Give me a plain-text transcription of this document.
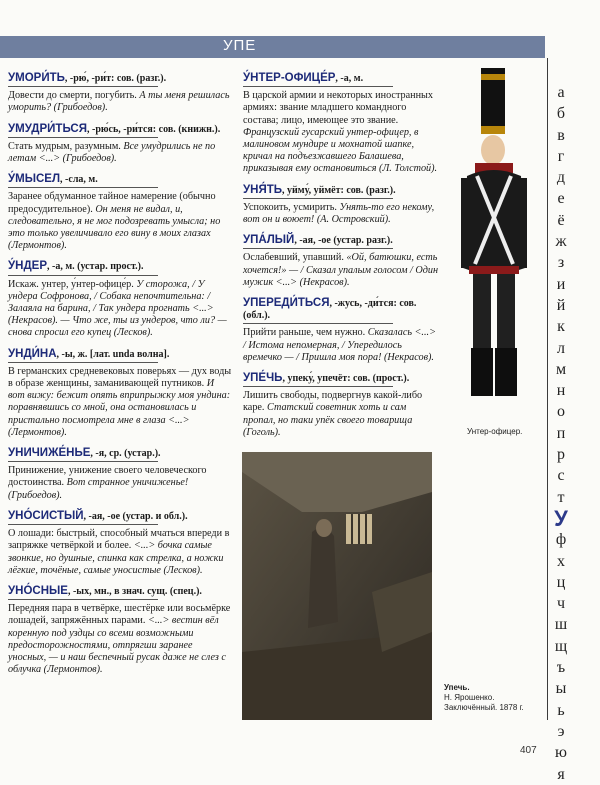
УПЕ
УМОРИ́ТЬ, -рю́, -ри́т: сов. (разг.).
Довести до смерти, погубить. А ты меня решилась уморить? (Грибоедов).
УМУДРИ́ТЬСЯ, -рю́сь, -ри́тся: сов. (книжн.).
Стать мудрым, разумным. Все умудрились не по летам <...> (Грибоедов).
У́МЫСЕЛ, -сла, м.
Заранее обдуманное тайное намерение (обычно предосудительное). Он меня не видал, и, следовательно, я не мог подозревать умысла; но это только увеличивало его вину в моих глазах (Лермонтов).
У́НДЕР, -а, м. (устар. прост.).
Искаж. унтер, у́нтер-офице́р. У сторожа, / У ундера Софронова, / Собака непочтительна: / Залаяла на барина, / Так ундера прогнать <...> (Некрасов). — Что же, ты из ундеров, что ли? — снова спросил его купец (Лесков).
УНДИ́НА, -ы, ж. [лат. unda волна].
В германских средневековых поверьях — дух воды в образе женщины, заманивающей путников. И вот вижу: бежит опять вприпрыжку моя ундина: поравнявшись со мной, она остановилась и пристально посмотрела мне в глаза <...> (Лермонтов).
УНИЧИЖЕ́НЬЕ, -я, ср. (устар.).
Принижение, унижение своего человеческого достоинства. Вот странное уничиженье! (Грибоедов).
УНО́СИСТЫЙ, -ая, -ое (устар. и обл.).
О лошади: быстрый, способный мчаться впереди в запряжке четвёркой и более. <...> бочка самые звонкие, но душные, спинка как стрелка, а ножки лёгкие, точёные, самые уносистые (Лесков).
УНО́СНЫЕ, -ых, мн., в знач. сущ. (спец.).
Передняя пара в четвёрке, шестёрке или восьмёрке лошадей, запряжённых парами. <...> вестин вёл коренную под уздцы со всеми возможными предосторожностями, отпрягши заранее уносных, — и наш беспечный русак даже не слез с облучка (Лермонтов).
У́НТЕР-ОФИЦЕ́Р, -а, м.
В царской армии и некоторых иностранных армиях: звание младшего командного состава; лицо, имеющее это звание. Французский гусарский унтер-офицер, в малиновом мундире и мохнатой шапке, кричал на подъезжавшего Балашева, приказывая ему остановиться (Л. Толстой).
УНЯ́ТЬ, уйму́, уймёт: сов. (разг.).
Успокоить, усмирить. Унять-то его некому, вот он и воюет! (А. Островский).
УПА́ЛЫЙ, -ая, -ое (устар. разг.).
Ослабевший, упавший. «Ой, батюшки, есть хочется!» — / Сказал упалым голосом / Один мужик <...> (Некрасов).
УПЕРЕДИ́ТЬСЯ, -жусь, -ди́тся: сов. (обл.).
Прийти раньше, чем нужно. Сказалась <...> / Истома непомерная, / Упередилось времечко — / Пришла моя пора! (Некрасов).
УПЕ́ЧЬ, упеку́, упечёт: сов. (прост.).
Лишить свободы, подвергнув какой-либо каре. Статский советник хоть и сам пропал, но таки упёк своего товарища (Гоголь).	Унтер-офицер.
Упечь.
Н. Ярошенко.
Заключённый. 1878 г.
а
б
в
г
д
е
ё
ж
з
и
й
к
л
м
н
о
п
р
с
т
У
ф
х
ц
ч
ш
щ
ъ
ы
ь
э
ю
я
407
